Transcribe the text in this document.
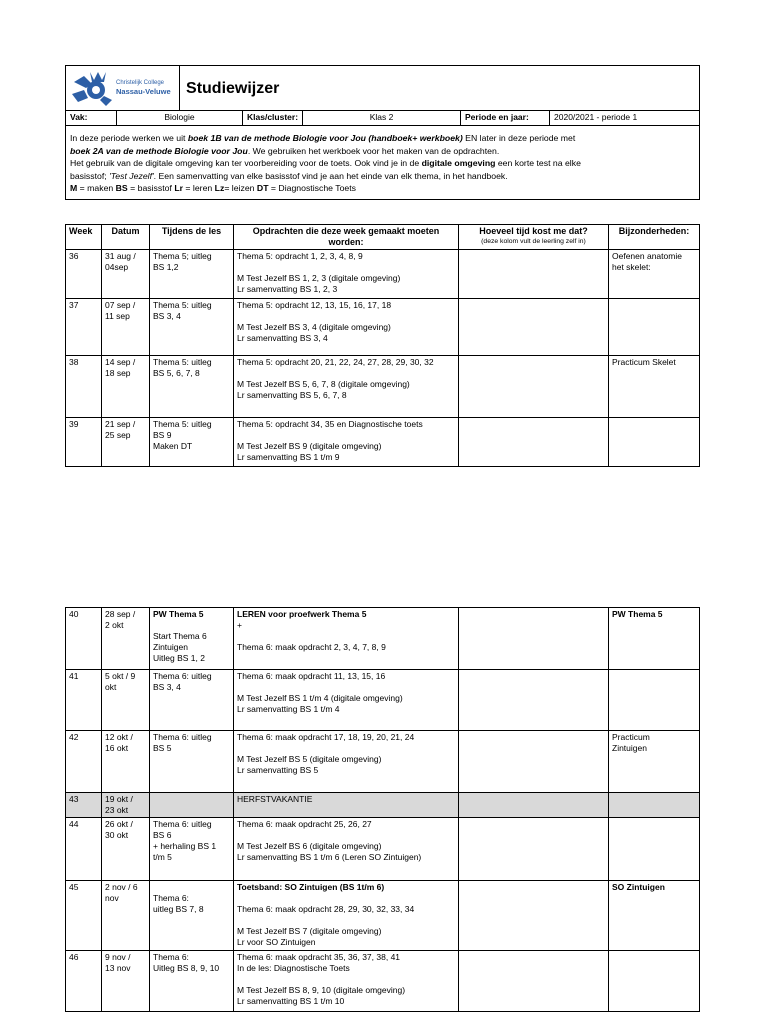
Christelijk College
Nassau-Veluwe		Studiewijzer				
Vak:	Biologie		Klas/cluster:	Klas 2	Periode en jaar:	2020/2021 - periode 1
In deze periode werken we uit boek 1B van de methode Biologie voor Jou (handboek+ werkboek) EN later in deze periode met
boek 2A van de methode Biologie voor Jou. We gebruiken het werkboek voor het maken van de opdrachten.
Het gebruik van de digitale omgeving kan ter voorbereiding voor de toets. Ook vind je in de digitale omgeving een korte test na elke
basisstof; 'Test Jezelf'. Een samenvatting van elke basisstof vind je aan het einde van elk thema, in het handboek.
M = maken BS = basisstof Lr = leren Lz= leizen DT = Diagnostische Toets						
Week	Datum	Tijdens de les	Opdrachten die deze week gemaakt moeten worden:	Hoeveel tijd kost me dat?
(deze kolom vult de leerling zelf in)	Bijzonderheden:

36	31 aug /
04sep	Thema 5; uitleg
BS 1,2	Thema 5: opdracht 1, 2, 3, 4, 8, 9
M Test Jezelf BS 1, 2, 3 (digitale omgeving)
Lr samenvatting BS 1, 2, 3		Oefenen anatomie
het skelet:

37	07 sep /
11 sep	Thema 5: uitleg
BS 3, 4	Thema 5: opdracht 12, 13, 15, 16, 17, 18
M Test Jezelf BS 3, 4 (digitale omgeving)
Lr samenvatting BS 3, 4		

38	14 sep /
18 sep	Thema 5: uitleg
BS 5, 6, 7, 8	Thema 5: opdracht 20, 21, 22, 24, 27, 28, 29, 30, 32
M Test Jezelf BS 5, 6, 7, 8 (digitale omgeving)
Lr samenvatting BS 5, 6, 7, 8		Practicum Skelet

39	21 sep /
25 sep	Thema 5: uitleg
BS 9
Maken DT	Thema 5: opdracht 34, 35 en Diagnostische toets
M Test Jezelf BS 9 (digitale omgeving)
Lr samenvatting BS 1 t/m 9		

40	28 sep /
2 okt	PW Thema 5
Start Thema 6
Zintuigen
Uitleg BS 1, 2	LEREN voor proefwerk Thema 5
+
Thema 6: maak opdracht 2, 3, 4, 7, 8, 9		PW Thema 5

41	5 okt / 9
okt	Thema 6: uitleg
BS 3, 4	Thema 6: maak opdracht 11, 13, 15, 16
M Test Jezelf BS 1 t/m 4 (digitale omgeving)
Lr samenvatting BS 1 t/m 4		

42	12 okt /
16 okt	Thema 6: uitleg
BS 5	Thema 6: maak opdracht 17, 18, 19, 20, 21, 24
M Test Jezelf BS 5 (digitale omgeving)
Lr samenvatting BS 5		Practicum
Zintuigen

43	19 okt /
23 okt		HERFSTVAKANTIE		

44	26 okt /
30 okt	Thema 6: uitleg
BS 6
+ herhaling BS 1
t/m 5	Thema 6: maak opdracht 25, 26, 27
M Test Jezelf BS 6 (digitale omgeving)
Lr samenvatting BS 1 t/m 6 (Leren SO Zintuigen)		

45	2 nov / 6
nov	Thema 6:
uitleg BS 7, 8	Toetsband: SO Zintuigen (BS 1t/m 6)
Thema 6: maak opdracht 28, 29, 30, 32, 33, 34
M Test Jezelf BS 7 (digitale omgeving)
Lr voor SO Zintuigen		SO Zintuigen

46	9 nov /
13 nov	Thema 6:
Uitleg BS 8, 9, 10	Thema 6: maak opdracht 35, 36, 37, 38, 41
In de les: Diagnostische Toets
M Test Jezelf BS 8, 9, 10 (digitale omgeving)
Lr samenvatting BS 1 t/m 10		
